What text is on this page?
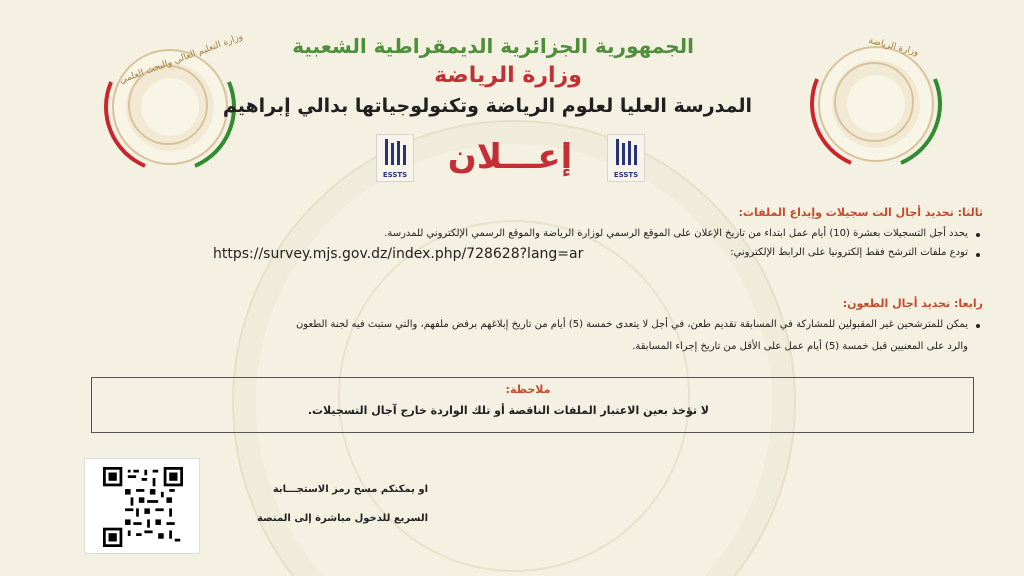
وزارة التعليم العالي والبحث العلمي	وزارة الرياضة
الجمهورية الجزائرية الديمقراطية الشعبية
وزارة الرياضة
المدرسة العليا لعلوم الرياضة وتكنولوجياتها بدالي إبراهيم
إعـــلان
ESSTS	ESSTS
ثالثا: تحديد أجال الت سجيلات وإيداع الملفات:
يحدد أجل التسجيلات بعشرة (10) أيام عمل ابتداء من تاريخ الإعلان على الموقع الرسمي لوزارة الرياضة والموقع الرسمي الإلكتروني للمدرسة.
تودع ملفات الترشح فقط إلكترونيا على الرابط الإلكتروني:
https://survey.mjs.gov.dz/index.php/728628?lang=ar
رابعا: تحديد أجال الطعون:
يمكن للمترشحين غير المقبولين للمشاركة في المسابقة تقديم طعن، في أجل لا يتعدى خمسة (5) أيام من تاريخ إبلاغهم برفض ملفهم، والتي ستبث فيه لجنة الطعون
والرد على المعنيين قبل خمسة (5) أيام عمل على الأقل من تاريخ إجراء المسابقة.
ملاحظة:
لا تؤخذ بعين الاعتبار الملفات الناقصة أو تلك الواردة خارج آجال التسجيلات.
او يمكنكم مسح رمز الاستجـــابة
السريع للدخول مباشرة إلى المنصة
